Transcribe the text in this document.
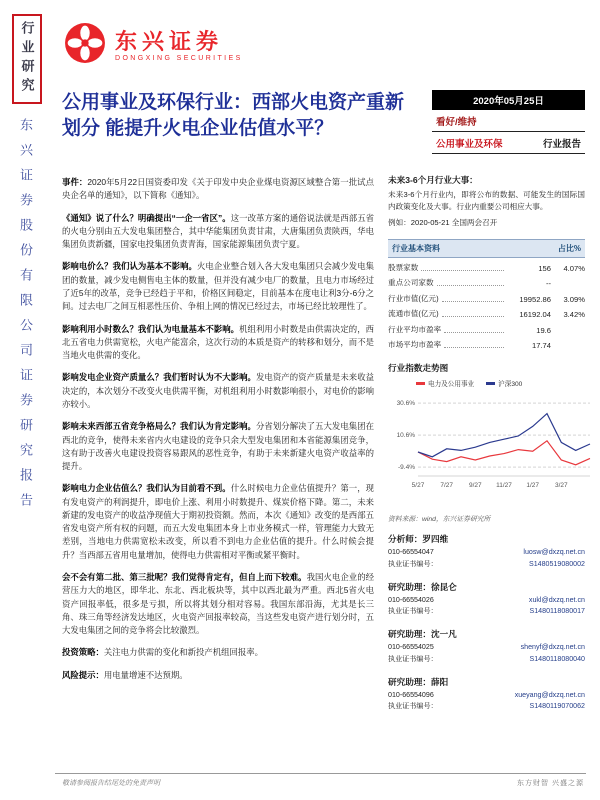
行业研究
东兴证券股份有限公司证券研究报告
东兴证券
DONGXING SECURITIES
公用事业及环保行业：西部火电资产重新划分 能提升火电企业估值水平？
2020年05月25日
看好/维持
公用事业及环保	行业报告

事件：2020年5月22日国资委印发《关于印发中央企业煤电资源区域整合第一批试点央企名单的通知》，以下简称《通知》。

《通知》说了什么？明确提出“一企一省区”。这一改革方案的通俗说法就是西部五省的火电分别由五大发电集团整合，其中华能集团负责甘肃，大唐集团负责陕西，华电集团负责新疆，国家电投集团负责青海，国家能源集团负责宁夏。

影响电价么？我们认为基本不影响。火电企业整合划入各大发电集团只会减少发电集团的数量，减少发电侧售电主体的数量，但并没有减少电厂的数量，且电力市场经过了近5年的改革，竞争已经趋于平和，价格区间稳定，目前基本在度电让利3分-6分之间。过去电厂之间互相恶性压价、争相上网的情况已经过去，市场已经比较理性了。

影响利用小时数么？我们认为电量基本不影响。机组利用小时数是由供需决定的，西北五省电力供需宽松，火电产能富余，这次行动的本质是资产的转移和划分，而不是当地火电供需的变化。

影响发电企业资产质量么？我们暂时认为不大影响。发电资产的资产质量是未来收益决定的，本次划分不改变火电供需平衡，对机组利用小时数影响很小，对电价的影响亦较小。

影响未来西部五省竞争格局么？我们认为肯定影响。分省划分解决了五大发电集团在西北的竞争，使得未来省内火电建设的竞争只余大型发电集团和本省能源集团竞争，这有助于改善火电建设投资容易跟风的恶性竞争，有助于未来新建火电资产收益率的提升。

影响电力企业估值么？我们认为目前看不到。什么时候电力企业估值提升？第一，现有发电资产的利润提升，即电价上涨、利用小时数提升、煤炭价格下降。第二，未来新建的发电资产的收益净现值大于期初投资额。然而，本次《通知》改变的是西部五省发电资产所有权的问题，而五大发电集团本身上市业务模式一样，管理能力大致无差别，当地电力供需宽松未改变，所以看不到电力企业估值的提升。什么时候会提升？当西部五省用电量增加，使得电力供需相对平衡或紧平衡时。

会不会有第二批、第三批呢？我们觉得肯定有，但自上而下较难。我国火电企业的经营压力大的地区，即华北、东北、西北板块等，其中以西北最为严重。西北5省火电资产回报率低，很多是亏损，所以将其划分相对容易。我国东部沿海，尤其是长三角、珠三角等经济发达地区，火电资产回报率较高，当这些发电资产进行划分时，五大发电集团之间的竞争将会比较激烈。

投资策略：关注电力供需的变化和新投产机组回报率。

风险提示：用电量增速不达预期。

未来3-6个月行业大事：
未来3-6个月行业内，即将公布的数据、可能发生的国际国内政策变化及大事。行业内重要公司相应大事。
例如：2020-05-21 全国两会召开
行业基本资料	占比%
股票家数	156	4.07%
重点公司家数	--
行业市值(亿元)	19952.86	3.09%
流通市值(亿元)	16192.04	3.42%
行业平均市盈率	19.6
市场平均市盈率	17.74
行业指数走势图
电力及公用事业	沪深300
30.6%
10.6%
-9.4%
5/27 7/27 9/27 11/27 1/27 3/27
资料来源：wind，东兴证券研究所
分析师：罗四维
010-66554047	luosw@dxzq.net.cn
执业证书编号：	S1480519080002
研究助理：徐昆仑
010-66554026	xukl@dxzq.net.cn
执业证书编号：	S1480118080017
研究助理：沈一凡
010-66554025	shenyf@dxzq.net.cn
执业证书编号：	S1480118080040
研究助理：薛阳
010-66554096	xueyang@dxzq.net.cn
执业证书编号：	S1480119070062
敬请参阅报告结尾处的免责声明	东方财智 兴盛之源
